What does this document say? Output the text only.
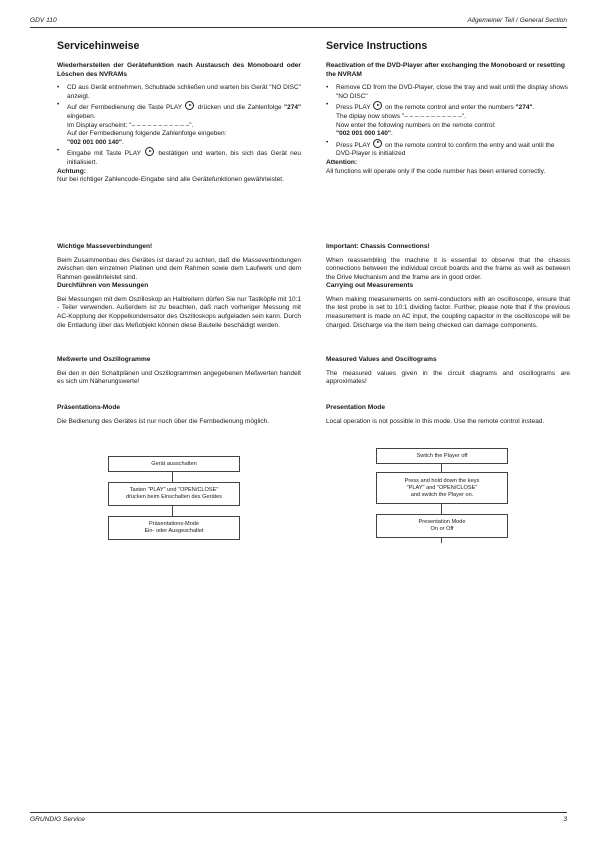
GDV 110	Allgemeiner Teil / General Section
Servicehinweise
Wiederherstellen der Gerätefunktion nach Austausch des Monoboard oder Löschen des NVRAMs
• CD aus Gerät entnehmen, Schublade schließen und warten bis Gerät "NO DISC" anzeigt.
• Auf der Fernbedienung die Taste PLAY drücken und die Zahlenfolge "274" eingeben.
Im Display erscheint: "– – – – – – – – – – –".
Auf der Fernbedienung folgende Zahlenfolge eingeben:
"002 001 000 140".
• Eingabe mit Taste PLAY	bestätigen und warten, bis sich das Gerät neu initialisiert.
Achtung:
Nur bei richtiger Zahlencode-Eingabe sind alle Gerätefunktionen gewährleistet.
Service Instructions
Reactivation of the DVD-Player after exchanging the Monoboard or resetting the NVRAM
• Remove CD from the DVD-Player, close the tray and wait until the display shows "NO DISC"
• Press PLAY on the remote control and enter the numbers "274".
The diplay now shows "– – – – – – – – – – –".
Now enter the following numbers on the remote control:
"002 001 000 140".
• Press PLAY on the remote control to confirm the entry and wait until the DVD-Player is initialized
Attention:
All functions will operate only if the code number has been entered correctly.
Wichtige Masseverbindungen!
Beim Zusammenbau des Gerätes ist darauf zu achten, daß die Masseverbindungen zwischen den einzelnen Platinen und dem Rahmen sowie dem Laufwerk und dem Rahmen gewährleistet sind.
Important: Chassis Connections!
When reassembling the machine it is essential to observe that the chassis connections between the individual circuit boards and the frame as well as between the Drive Mechanism and the frame are in good order.
Durchführen von Messungen
Bei Messungen mit dem Oszilloskop an Halbleitern dürfen Sie nur Tastköpfe mit 10:1 - Teiler verwenden. Außerdem ist zu beachten, daß nach vorheriger Messung mit AC-Kopplung der Koppelkondensator des Oszilloskops aufgeladen sein kann. Durch die Entladung über das Meßobjekt können diese Bauteile beschädigt werden.
Carrying out Measurements
When making measurements on semi-conductors with an oscilloscope, ensure that the test probe is set to 10:1 dividing factor. Further, please note that if the previous measurement is made on AC input, the coupling capacitor in the oscilloscope will be charged. Discharge via the item being checked can damage components.
Meßwerte und Oszillogramme
Bei den in den Schaltplänen und Oszillogrammen angegebenen Meßwerten handelt es sich um Näherungswerte!
Measured Values and Oscillograms
The measured values given in the circuit diagrams and oscillograms are approximates!
Präsentations-Mode
Die Bedienung des Gerätes ist nur noch über die Fernbedienung möglich.
Presentation Mode
Local operation is not possible in this mode. Use the remote control instead.
Gerät ausschalten
Tasten "PLAY" und "OPEN/CLOSE"
drücken beim Einschalten des Gerätes
Präsentations-Mode
Ein- oder Ausgeschaltet
Switch the Player off
Press and hold down the keys
"PLAY" and "OPEN/CLOSE"
and switch the Player on.
Presentation Mode
On or Off
GRUNDIG Service	3
